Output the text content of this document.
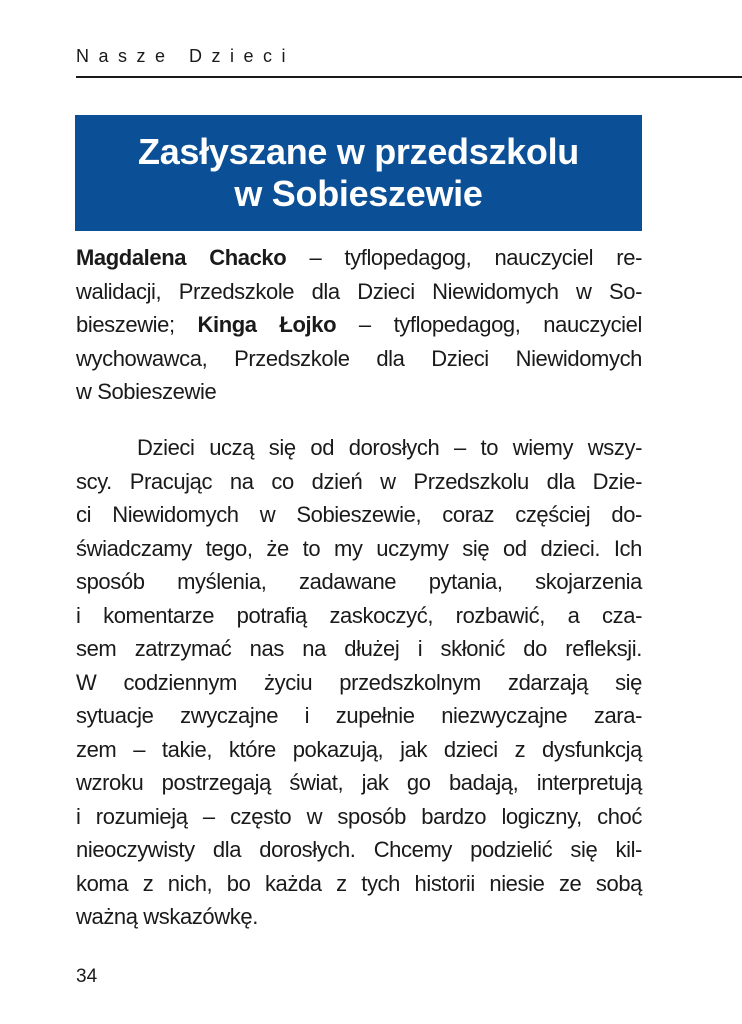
Nasze Dzieci
Zasłyszane w przedszkolu
w Sobieszewie
Magdalena Chacko – tyflopedagog, nauczyciel re-
walidacji, Przedszkole dla Dzieci Niewidomych w So-
bieszewie; Kinga Łojko – tyflopedagog, nauczyciel
wychowawca, Przedszkole dla Dzieci Niewidomych
w Sobieszewie
Dzieci uczą się od dorosłych – to wiemy wszy-
scy. Pracując na co dzień w Przedszkolu dla Dzie-
ci Niewidomych w Sobieszewie, coraz częściej do-
świadczamy tego, że to my uczymy się od dzieci. Ich
sposób myślenia, zadawane pytania, skojarzenia
i komentarze potrafią zaskoczyć, rozbawić, a cza-
sem zatrzymać nas na dłużej i skłonić do refleksji.
W codziennym życiu przedszkolnym zdarzają się
sytuacje zwyczajne i zupełnie niezwyczajne zara-
zem – takie, które pokazują, jak dzieci z dysfunkcją
wzroku postrzegają świat, jak go badają, interpretują
i rozumieją – często w sposób bardzo logiczny, choć
nieoczywisty dla dorosłych. Chcemy podzielić się kil-
koma z nich, bo każda z tych historii niesie ze sobą
ważną wskazówkę.
34
